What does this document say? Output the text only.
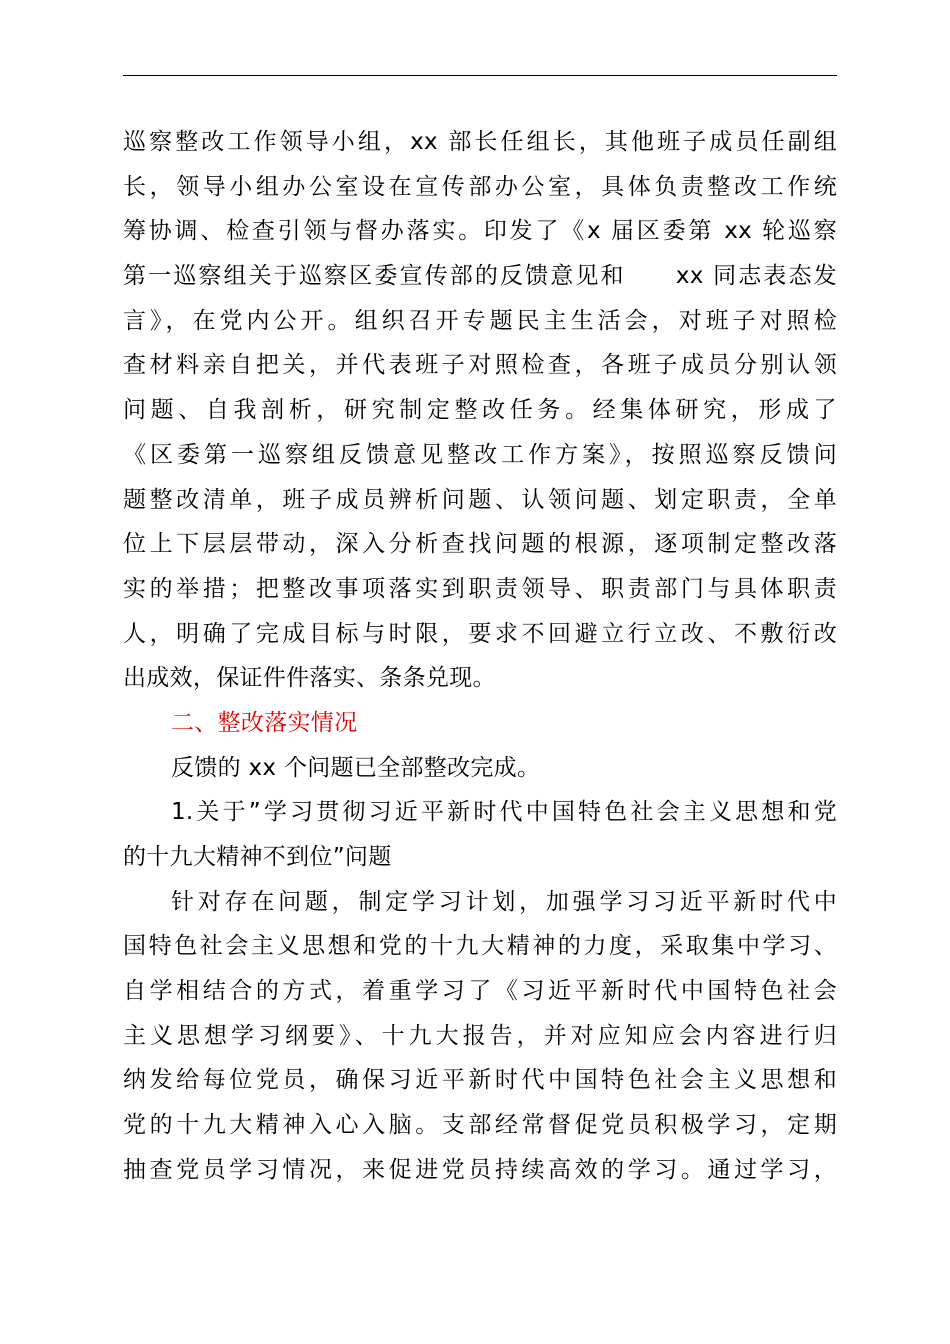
巡察整改工作领导小组，xx 部长任组长，其他班子成员任副组
长，领导小组办公室设在宣传部办公室，具体负责整改工作统
筹协调、检查引领与督办落实。印发了《x 届区委第 xx 轮巡察
第一巡察组关于巡察区委宣传部的反馈意见和　　xx 同志表态发
言》，在党内公开。组织召开专题民主生活会，对班子对照检
查材料亲自把关，并代表班子对照检查，各班子成员分别认领
问题、自我剖析，研究制定整改任务。经集体研究，形成了
《区委第一巡察组反馈意见整改工作方案》，按照巡察反馈问
题整改清单，班子成员辨析问题、认领问题、划定职责，全单
位上下层层带动，深入分析查找问题的根源，逐项制定整改落
实的举措；把整改事项落实到职责领导、职责部门与具体职责
人，明确了完成目标与时限，要求不回避立行立改、不敷衍改
出成效，保证件件落实、条条兑现。
二、整改落实情况
反馈的 xx 个问题已全部整改完成。
1.关于”学习贯彻习近平新时代中国特色社会主义思想和党
的十九大精神不到位”问题
针对存在问题，制定学习计划，加强学习习近平新时代中
国特色社会主义思想和党的十九大精神的力度，采取集中学习、
自学相结合的方式，着重学习了《习近平新时代中国特色社会
主义思想学习纲要》、十九大报告，并对应知应会内容进行归
纳发给每位党员，确保习近平新时代中国特色社会主义思想和
党的十九大精神入心入脑。支部经常督促党员积极学习，定期
抽查党员学习情况，来促进党员持续高效的学习。通过学习，
